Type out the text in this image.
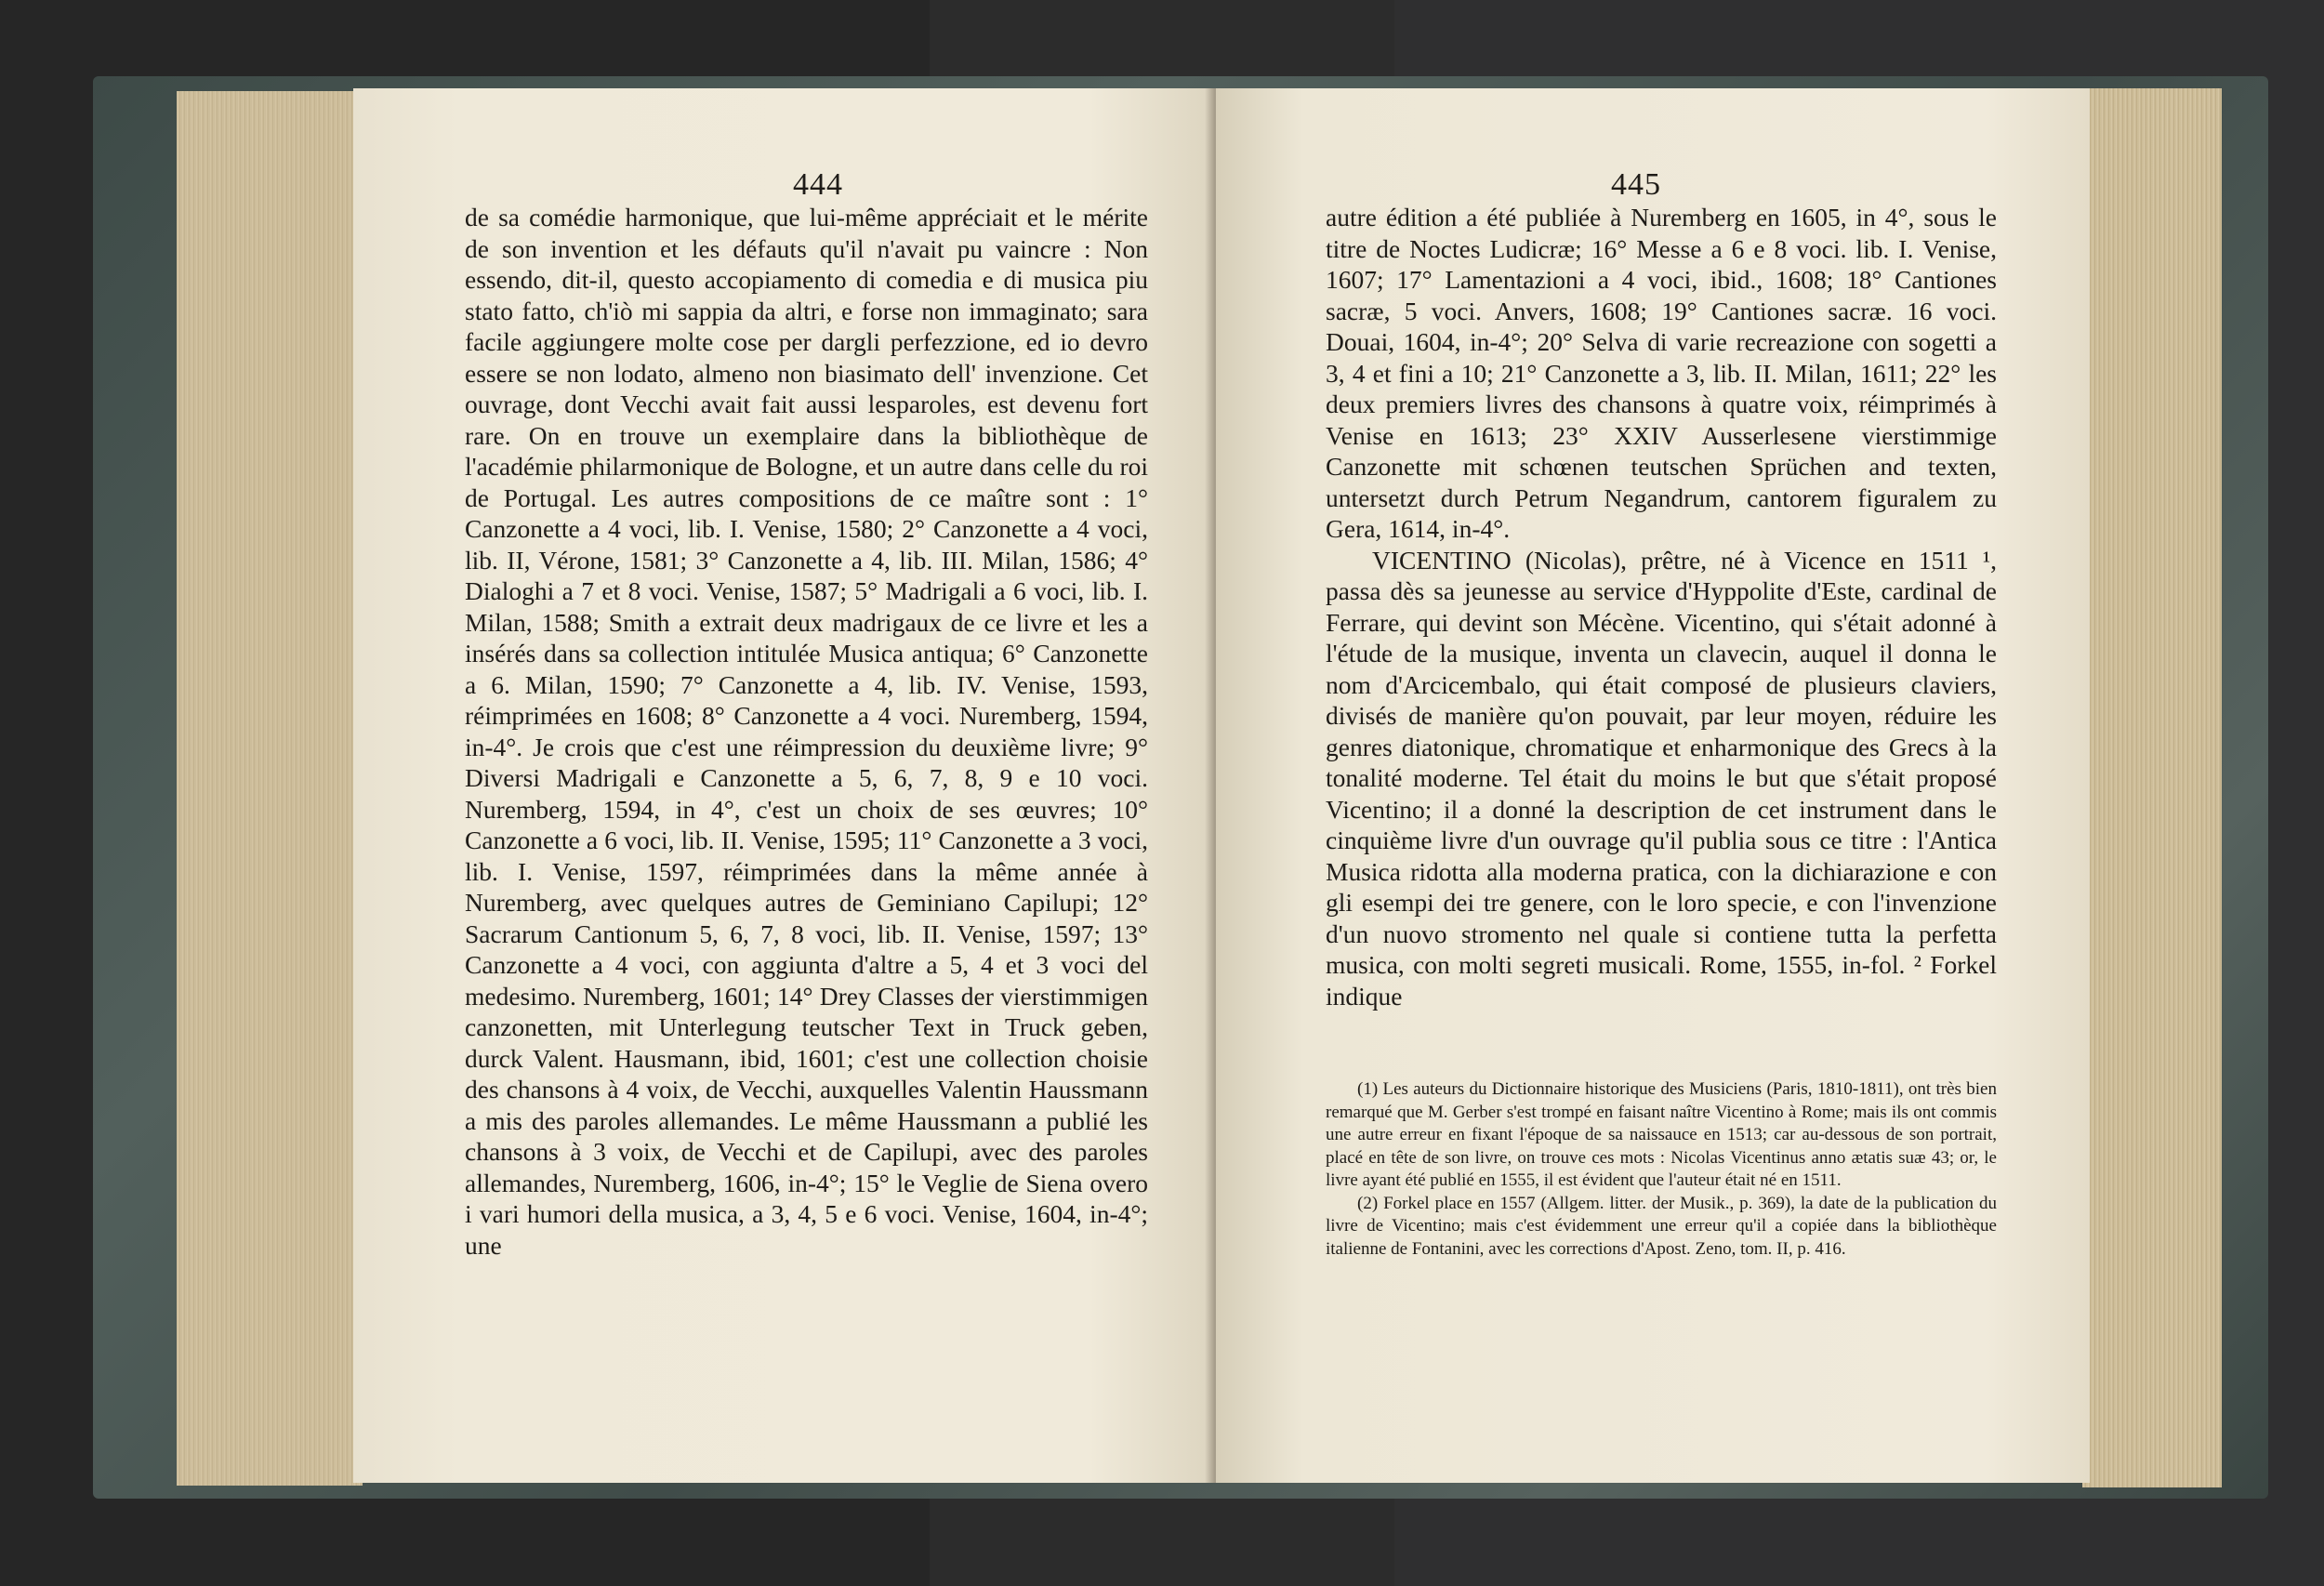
444

de sa comédie harmonique, que lui-même appréciait et le mérite de son invention et les défauts qu'il n'avait pu vaincre : Non essendo, dit-il, questo accopiamento di comedia e di musica piu stato fatto, ch'iò mi sappia da altri, e forse non immaginato; sara facile aggiungere molte cose per dargli perfezzione, ed io devro essere se non lodato, almeno non biasimato dell' invenzione. Cet ouvrage, dont Vecchi avait fait aussi lesparoles, est devenu fort rare. On en trouve un exemplaire dans la bibliothèque de l'académie philarmonique de Bologne, et un autre dans celle du roi de Portugal. Les autres compositions de ce maître sont : 1° Canzonette a 4 voci, lib. I. Venise, 1580; 2° Canzonette a 4 voci, lib. II, Vérone, 1581; 3° Canzonette a 4, lib. III. Milan, 1586; 4° Dialoghi a 7 et 8 voci. Venise, 1587; 5° Madrigali a 6 voci, lib. I. Milan, 1588; Smith a extrait deux madrigaux de ce livre et les a insérés dans sa collection intitulée Musica antiqua; 6° Canzonette a 6. Milan, 1590; 7° Canzonette a 4, lib. IV. Venise, 1593, réimprimées en 1608; 8° Canzonette a 4 voci. Nuremberg, 1594, in-4°. Je crois que c'est une réimpression du deuxième livre; 9° Diversi Madrigali e Canzonette a 5, 6, 7, 8, 9 e 10 voci. Nuremberg, 1594, in 4°, c'est un choix de ses œuvres; 10° Canzonette a 6 voci, lib. II. Venise, 1595; 11° Canzonette a 3 voci, lib. I. Venise, 1597, réimprimées dans la même année à Nuremberg, avec quelques autres de Geminiano Capilupi; 12° Sacrarum Cantionum 5, 6, 7, 8 voci, lib. II. Venise, 1597; 13° Canzonette a 4 voci, con aggiunta d'altre a 5, 4 et 3 voci del medesimo. Nuremberg, 1601; 14° Drey Classes der vierstimmigen canzonetten, mit Unterlegung teutscher Text in Truck geben, durck Valent. Hausmann, ibid, 1601; c'est une collection choisie des chansons à 4 voix, de Vecchi, auxquelles Valentin Haussmann a mis des paroles allemandes. Le même Haussmann a publié les chansons à 3 voix, de Vecchi et de Capilupi, avec des paroles allemandes, Nuremberg, 1606, in-4°; 15° le Veglie de Siena overo i vari humori della musica, a 3, 4, 5 e 6 voci. Venise, 1604, in-4°; une

445

autre édition a été publiée à Nuremberg en 1605, in 4°, sous le titre de Noctes Ludicræ; 16° Messe a 6 e 8 voci. lib. I. Venise, 1607; 17° Lamentazioni a 4 voci, ibid., 1608; 18° Cantiones sacræ, 5 voci. Anvers, 1608; 19° Cantiones sacræ. 16 voci. Douai, 1604, in-4°; 20° Selva di varie recreazione con sogetti a 3, 4 et fini a 10; 21° Canzonette a 3, lib. II. Milan, 1611; 22° les deux premiers livres des chansons à quatre voix, réimprimés à Venise en 1613; 23° XXIV Ausserlesene vierstimmige Canzonette mit schœnen teutschen Sprüchen and texten, untersetzt durch Petrum Negandrum, cantorem figuralem zu Gera, 1614, in-4°.

VICENTINO (Nicolas), prêtre, né à Vicence en 1511 ¹, passa dès sa jeunesse au service d'Hyppolite d'Este, cardinal de Ferrare, qui devint son Mécène. Vicentino, qui s'était adonné à l'étude de la musique, inventa un clavecin, auquel il donna le nom d'Arcicembalo, qui était composé de plusieurs claviers, divisés de manière qu'on pouvait, par leur moyen, réduire les genres diatonique, chromatique et enharmonique des Grecs à la tonalité moderne. Tel était du moins le but que s'était proposé Vicentino; il a donné la description de cet instrument dans le cinquième livre d'un ouvrage qu'il publia sous ce titre : l'Antica Musica ridotta alla moderna pratica, con la dichiarazione e con gli esempi dei tre genere, con le loro specie, e con l'invenzione d'un nuovo stromento nel quale si contiene tutta la perfetta musica, con molti segreti musicali. Rome, 1555, in-fol. ² Forkel indique

(1) Les auteurs du Dictionnaire historique des Musiciens (Paris, 1810-1811), ont très bien remarqué que M. Gerber s'est trompé en faisant naître Vicentino à Rome; mais ils ont commis une autre erreur en fixant l'époque de sa naissauce en 1513; car au-dessous de son portrait, placé en tête de son livre, on trouve ces mots : Nicolas Vicentinus anno ætatis suæ 43; or, le livre ayant été publié en 1555, il est évident que l'auteur était né en 1511.

(2) Forkel place en 1557 (Allgem. litter. der Musik., p. 369), la date de la publication du livre de Vicentino; mais c'est évidemment une erreur qu'il a copiée dans la bibliothèque italienne de Fontanini, avec les corrections d'Apost. Zeno, tom. II, p. 416.
